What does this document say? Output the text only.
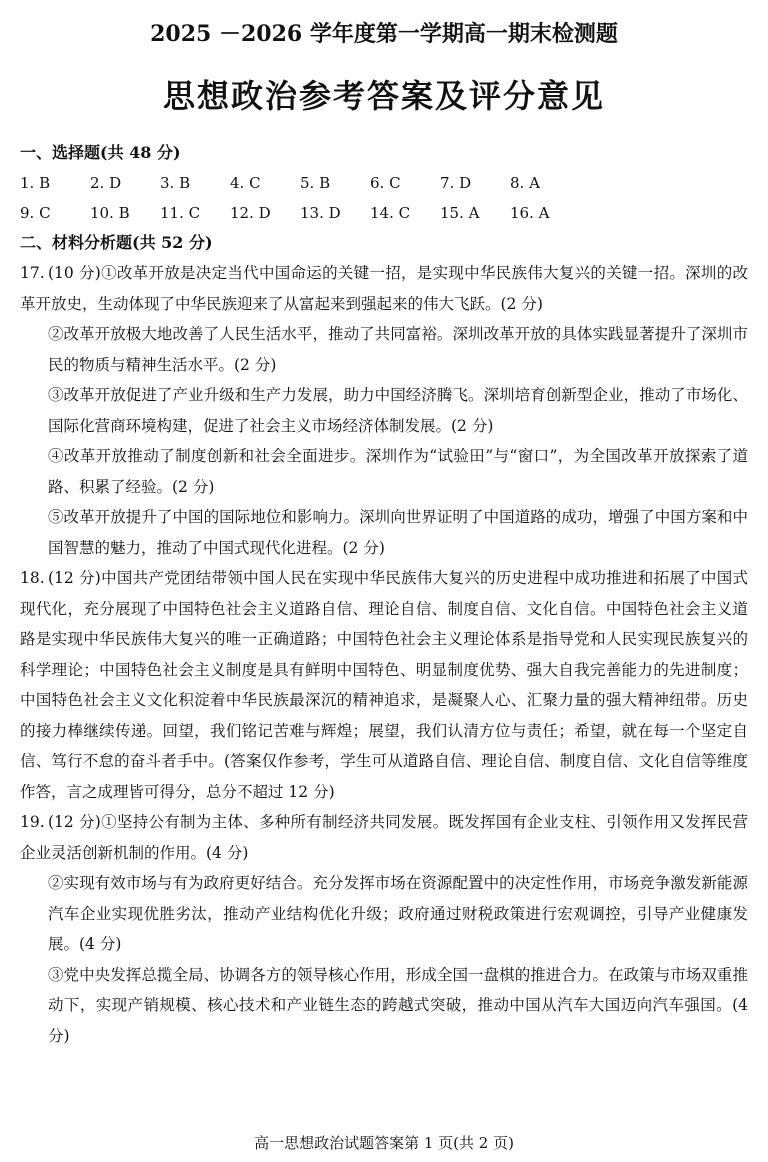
2025 －2026 学年度第一学期高一期末检测题
思想政治参考答案及评分意见
一、选择题(共 48 分)
1. B	2. D	3. B	4. C	5. B	6. C	7. D	8. A
9. C	10. B	11. C	12. D	13. D	14. C	15. A	16. A
二、材料分析题(共 52 分)

17. (10 分)①改革开放是决定当代中国命运的关键一招，是实现中华民族伟大复兴的关键一招。深圳的改革开放史，生动体现了中华民族迎来了从富起来到强起来的伟大飞跃。(2 分)

②改革开放极大地改善了人民生活水平，推动了共同富裕。深圳改革开放的具体实践显著提升了深圳市民的物质与精神生活水平。(2 分)

③改革开放促进了产业升级和生产力发展，助力中国经济腾飞。深圳培育创新型企业，推动了市场化、国际化营商环境构建，促进了社会主义市场经济体制发展。(2 分)

④改革开放推动了制度创新和社会全面进步。深圳作为“试验田”与“窗口”，为全国改革开放探索了道路、积累了经验。(2 分)

⑤改革开放提升了中国的国际地位和影响力。深圳向世界证明了中国道路的成功，增强了中国方案和中国智慧的魅力，推动了中国式现代化进程。(2 分)

18. (12 分)中国共产党团结带领中国人民在实现中华民族伟大复兴的历史进程中成功推进和拓展了中国式现代化，充分展现了中国特色社会主义道路自信、理论自信、制度自信、文化自信。中国特色社会主义道路是实现中华民族伟大复兴的唯一正确道路；中国特色社会主义理论体系是指导党和人民实现民族复兴的科学理论；中国特色社会主义制度是具有鲜明中国特色、明显制度优势、强大自我完善能力的先进制度；中国特色社会主义文化积淀着中华民族最深沉的精神追求，是凝聚人心、汇聚力量的强大精神纽带。历史的接力棒继续传递。回望，我们铭记苦难与辉煌；展望，我们认清方位与责任；希望，就在每一个坚定自信、笃行不怠的奋斗者手中。(答案仅作参考，学生可从道路自信、理论自信、制度自信、文化自信等维度作答，言之成理皆可得分，总分不超过 12 分)

19. (12 分)①坚持公有制为主体、多种所有制经济共同发展。既发挥国有企业支柱、引领作用又发挥民营企业灵活创新机制的作用。(4 分)

②实现有效市场与有为政府更好结合。充分发挥市场在资源配置中的决定性作用，市场竞争激发新能源汽车企业实现优胜劣汰，推动产业结构优化升级；政府通过财税政策进行宏观调控，引导产业健康发展。(4 分)

③党中央发挥总揽全局、协调各方的领导核心作用，形成全国一盘棋的推进合力。在政策与市场双重推动下，实现产销规模、核心技术和产业链生态的跨越式突破，推动中国从汽车大国迈向汽车强国。(4 分)

高一思想政治试题答案第 1 页(共 2 页)
